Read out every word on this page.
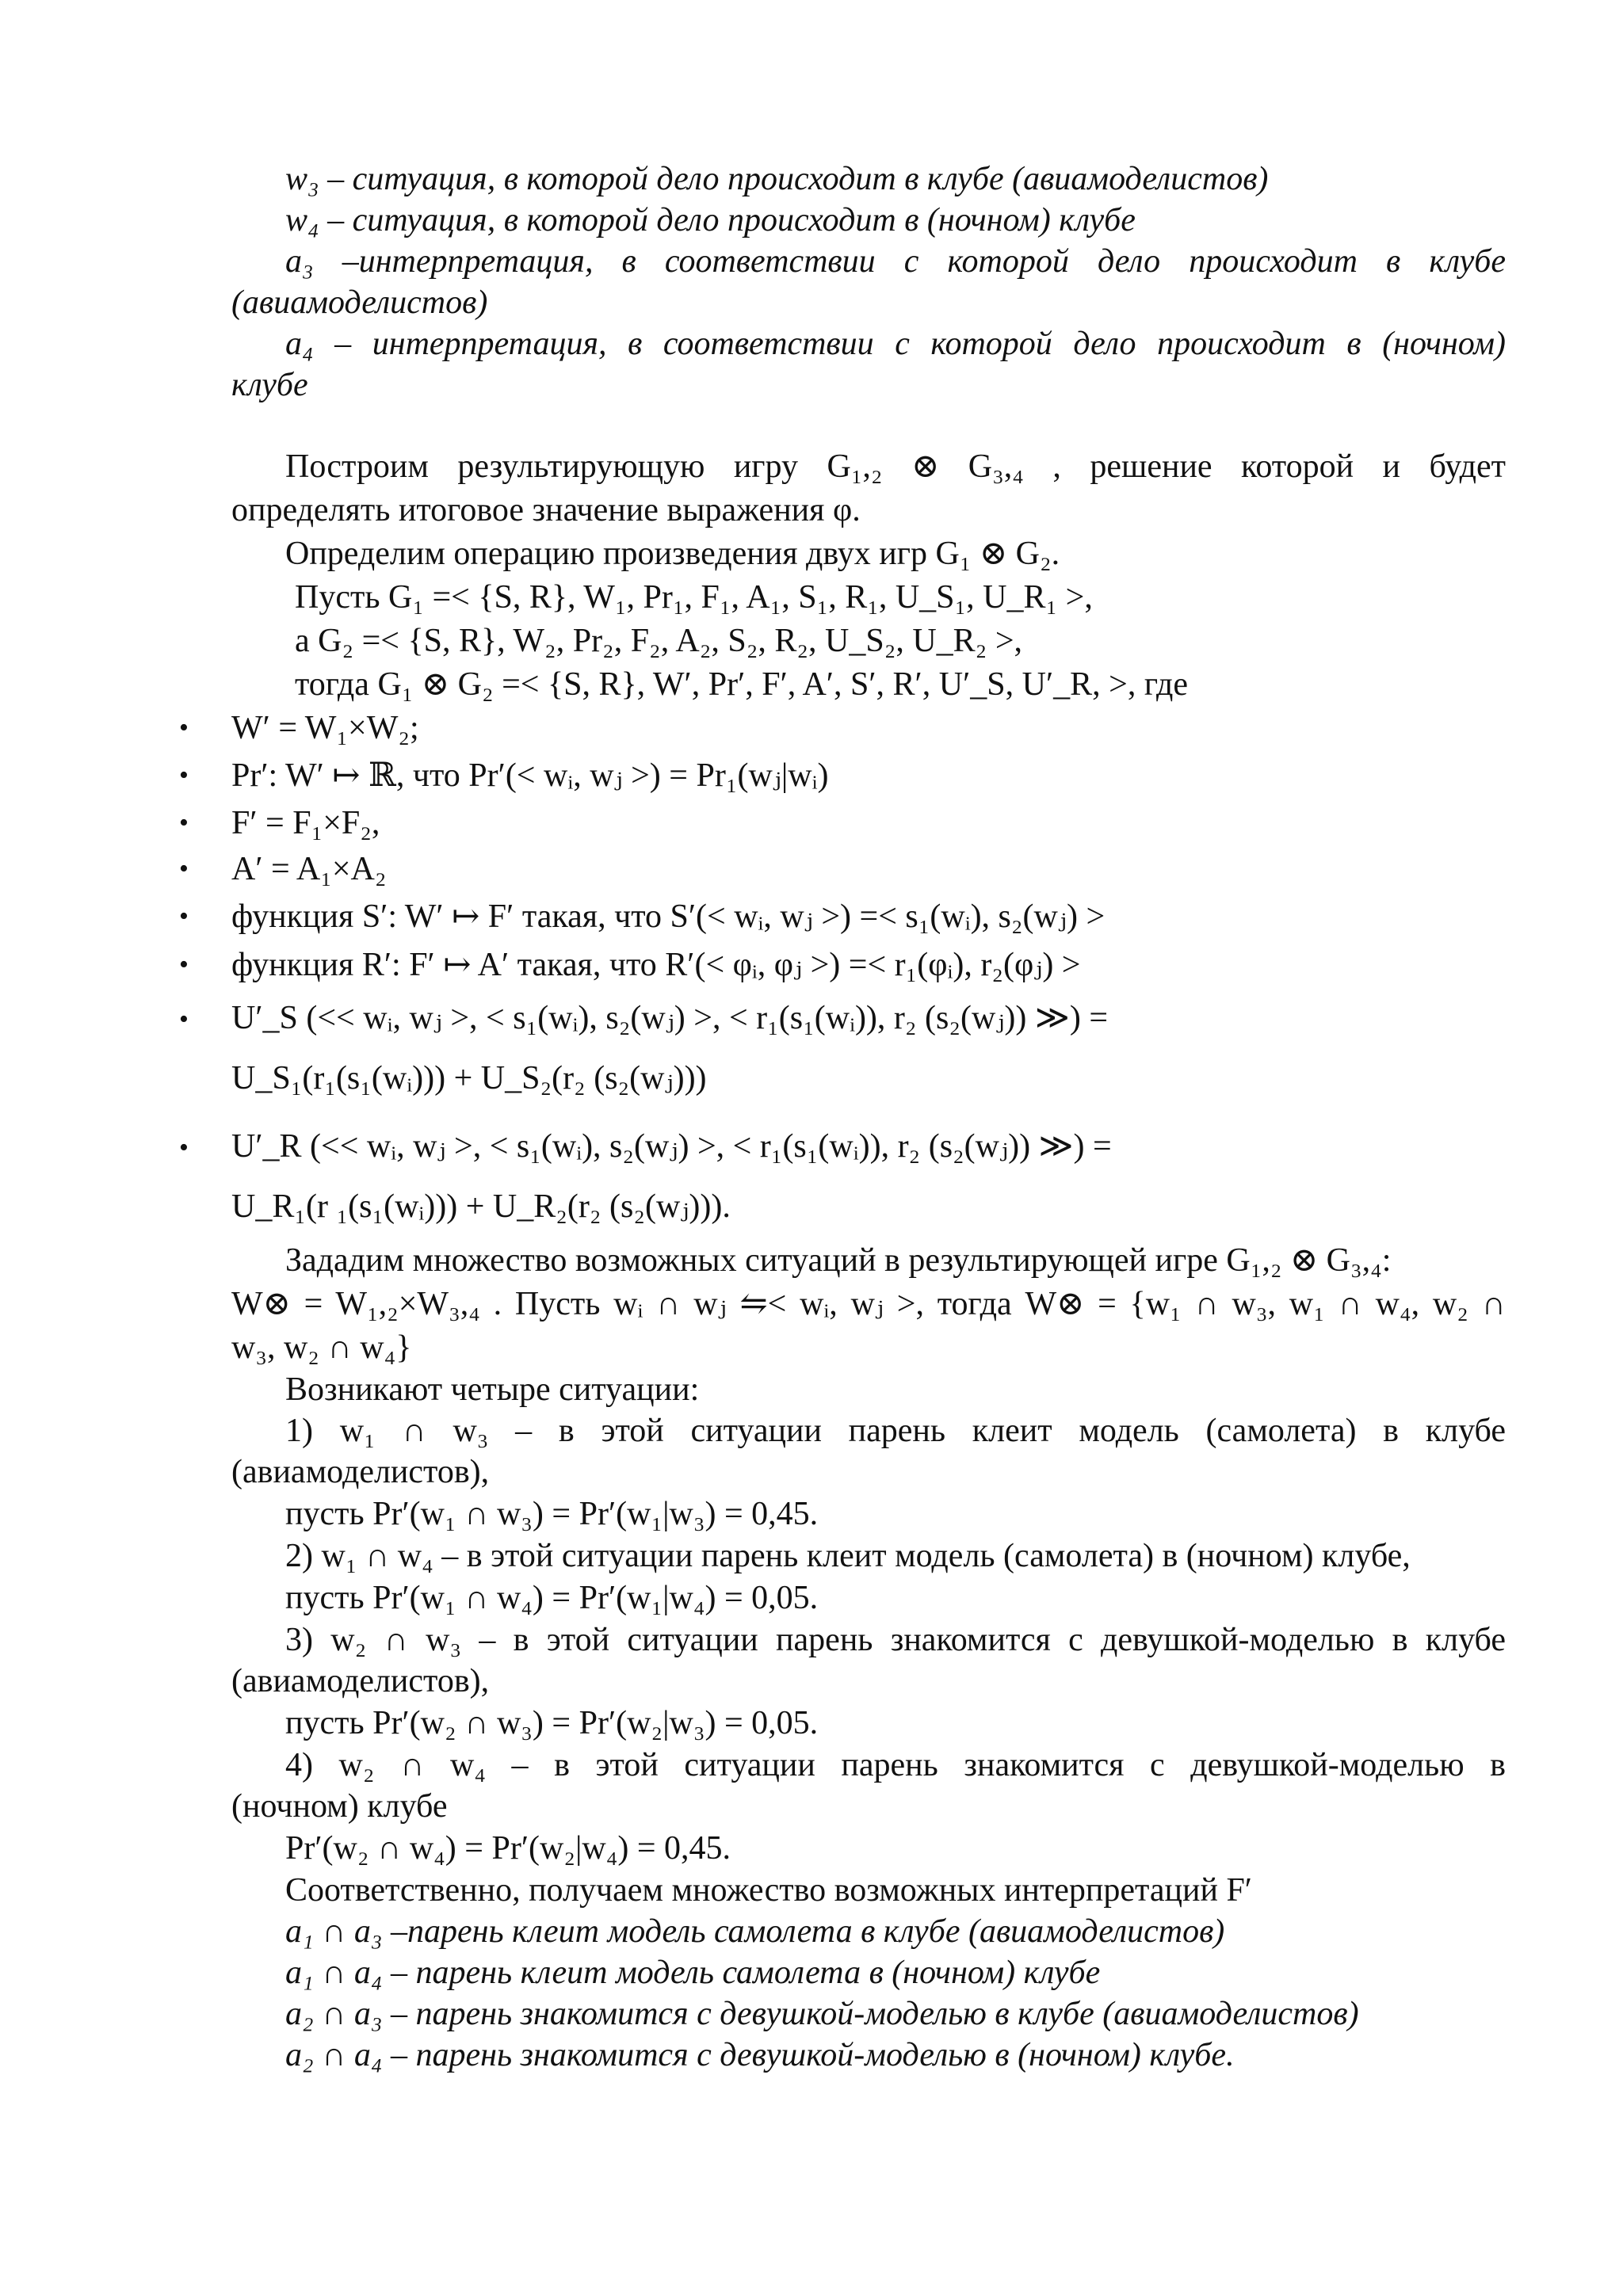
w₃ – ситуация, в которой дело происходит в клубе (авиамоделистов)
w₄ – ситуация, в которой дело происходит в (ночном) клубе
a₃ –интерпретация, в соответствии с которой дело происходит в клубе
(авиамоделистов)
a₄ – интерпретация, в соответствии с которой дело происходит в (ночном)
клубе
Построим результирующую игру G₁,₂ ⊗ G₃,₄ , решение которой и будет
определять итоговое значение выражения φ.
Определим операцию произведения двух игр G₁ ⊗ G₂.
Пусть G₁ =< {S, R}, W₁, Pr₁, F₁, A₁, S₁, R₁, U_S₁, U_R₁ >,
а G₂ =< {S, R}, W₂, Pr₂, F₂, A₂, S₂, R₂, U_S₂, U_R₂ >,
тогда G₁ ⊗ G₂ =< {S, R}, W′, Pr′, F′, A′, S′, R′, U′_S, U′_R, >, где
• W′ = W₁×W₂;
• Pr′: W′ ↦ ℝ, что Pr′(< wᵢ, wⱼ >) = Pr₁(wⱼ|wᵢ)
• F′ = F₁×F₂,
• A′ = A₁×A₂
• функция S′: W′ ↦ F′ такая, что S′(< wᵢ, wⱼ >) =< s₁(wᵢ), s₂(wⱼ) >
• функция R′: F′ ↦ A′ такая, что R′(< φᵢ, φⱼ >) =< r₁(φᵢ), r₂(φⱼ) >
• U′_S (<< wᵢ, wⱼ >, < s₁(wᵢ), s₂(wⱼ) >, < r₁(s₁(wᵢ)), r₂ (s₂(wⱼ)) ≫) =
U_S₁(r₁(s₁(wᵢ))) + U_S₂(r₂ (s₂(wⱼ)))
• U′_R (<< wᵢ, wⱼ >, < s₁(wᵢ), s₂(wⱼ) >, < r₁(s₁(wᵢ)), r₂ (s₂(wⱼ)) ≫) =
U_R₁(r ₁(s₁(wᵢ))) + U_R₂(r₂ (s₂(wⱼ))).
Зададим множество возможных ситуаций в результирующей игре G₁,₂ ⊗ G₃,₄:
W⊗ = W₁,₂×W₃,₄ . Пусть wᵢ ∩ wⱼ ⇋< wᵢ, wⱼ >, тогда W⊗ = {w₁ ∩ w₃, w₁ ∩ w₄, w₂ ∩
w₃, w₂ ∩ w₄}
Возникают четыре ситуации:
1) w₁ ∩ w₃ – в этой ситуации парень клеит модель (самолета) в клубе
(авиамоделистов),
пусть Pr′(w₁ ∩ w₃) = Pr′(w₁|w₃) = 0,45.
2) w₁ ∩ w₄ – в этой ситуации парень клеит модель (самолета) в (ночном) клубе,
пусть Pr′(w₁ ∩ w₄) = Pr′(w₁|w₄) = 0,05.
3) w₂ ∩ w₃ – в этой ситуации парень знакомится с девушкой-моделью в клубе
(авиамоделистов),
пусть Pr′(w₂ ∩ w₃) = Pr′(w₂|w₃) = 0,05.
4) w₂ ∩ w₄ – в этой ситуации парень знакомится с девушкой-моделью в
(ночном) клубе
Pr′(w₂ ∩ w₄) = Pr′(w₂|w₄) = 0,45.
Соответственно, получаем множество возможных интерпретаций F′
a₁ ∩ a₃ –парень клеит модель самолета в клубе (авиамоделистов)
a₁ ∩ a₄ – парень клеит модель самолета в (ночном) клубе
a₂ ∩ a₃ – парень знакомится с девушкой-моделью в клубе (авиамоделистов)
a₂ ∩ a₄ – парень знакомится с девушкой-моделью в (ночном) клубе.
